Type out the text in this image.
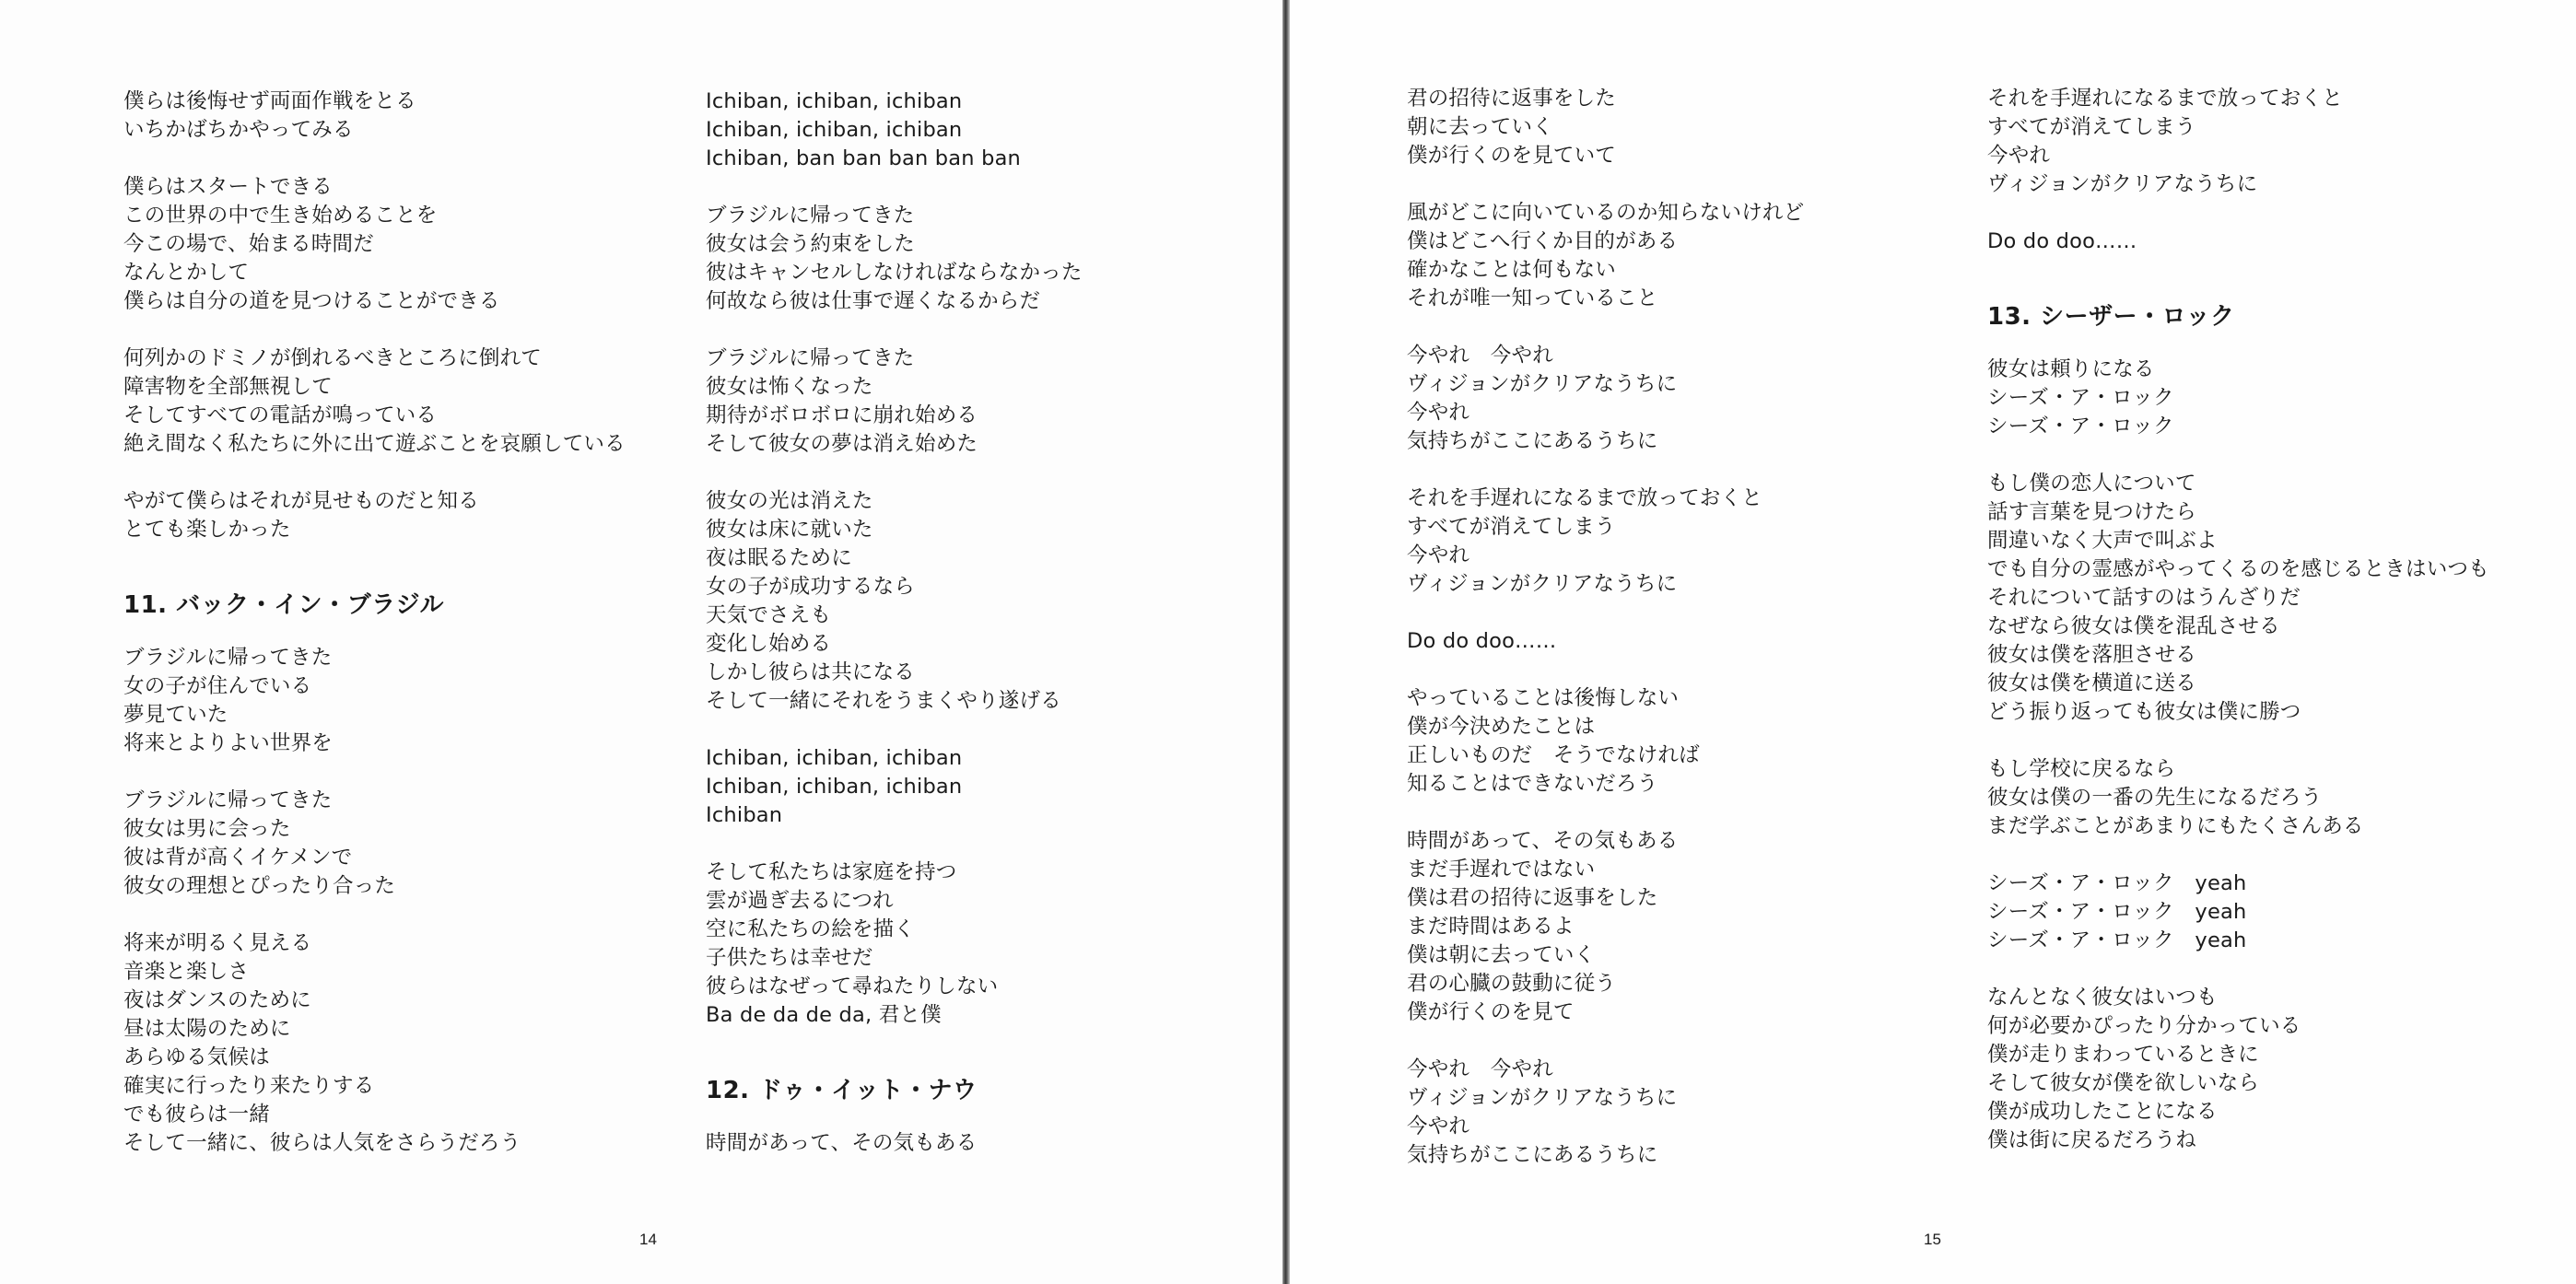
僕らは後悔せず両面作戦をとる
いちかばちかやってみる
僕らはスタートできる
この世界の中で生き始めることを
今この場で、始まる時間だ
なんとかして
僕らは自分の道を見つけることができる
何列かのドミノが倒れるべきところに倒れて
障害物を全部無視して
そしてすべての電話が鳴っている
絶え間なく私たちに外に出て遊ぶことを哀願している
やがて僕らはそれが見せものだと知る
とても楽しかった
11. バック・イン・ブラジル
ブラジルに帰ってきた
女の子が住んでいる
夢見ていた
将来とよりよい世界を
ブラジルに帰ってきた
彼女は男に会った
彼は背が高くイケメンで
彼女の理想とぴったり合った
将来が明るく見える
音楽と楽しさ
夜はダンスのために
昼は太陽のために
あらゆる気候は
確実に行ったり来たりする
でも彼らは一緒
そして一緒に、彼らは人気をさらうだろう
Ichiban, ichiban, ichiban
Ichiban, ichiban, ichiban
Ichiban, ban ban ban ban ban
ブラジルに帰ってきた
彼女は会う約束をした
彼はキャンセルしなければならなかった
何故なら彼は仕事で遅くなるからだ
ブラジルに帰ってきた
彼女は怖くなった
期待がボロボロに崩れ始める
そして彼女の夢は消え始めた
彼女の光は消えた
彼女は床に就いた
夜は眠るために
女の子が成功するなら
天気でさえも
変化し始める
しかし彼らは共になる
そして一緒にそれをうまくやり遂げる
Ichiban, ichiban, ichiban
Ichiban, ichiban, ichiban
Ichiban
そして私たちは家庭を持つ
雲が過ぎ去るにつれ
空に私たちの絵を描く
子供たちは幸せだ
彼らはなぜって尋ねたりしない
Ba de da de da, 君と僕
12. ドゥ・イット・ナウ
時間があって、その気もある
14
君の招待に返事をした
朝に去っていく
僕が行くのを見ていて
風がどこに向いているのか知らないけれど
僕はどこへ行くか目的がある
確かなことは何もない
それが唯一知っていること
今やれ　今やれ
ヴィジョンがクリアなうちに
今やれ
気持ちがここにあるうちに
それを手遅れになるまで放っておくと
すべてが消えてしまう
今やれ
ヴィジョンがクリアなうちに
Do do doo……
やっていることは後悔しない
僕が今決めたことは
正しいものだ　そうでなければ
知ることはできないだろう
時間があって、その気もある
まだ手遅れではない
僕は君の招待に返事をした
まだ時間はあるよ
僕は朝に去っていく
君の心臓の鼓動に従う
僕が行くのを見て
今やれ　今やれ
ヴィジョンがクリアなうちに
今やれ
気持ちがここにあるうちに
それを手遅れになるまで放っておくと
すべてが消えてしまう
今やれ
ヴィジョンがクリアなうちに
Do do doo……
13. シーザー・ロック
彼女は頼りになる
シーズ・ア・ロック
シーズ・ア・ロック
もし僕の恋人について
話す言葉を見つけたら
間違いなく大声で叫ぶよ
でも自分の霊感がやってくるのを感じるときはいつも
それについて話すのはうんざりだ
なぜなら彼女は僕を混乱させる
彼女は僕を落胆させる
彼女は僕を横道に送る
どう振り返っても彼女は僕に勝つ
もし学校に戻るなら
彼女は僕の一番の先生になるだろう
まだ学ぶことがあまりにもたくさんある
シーズ・ア・ロック　yeah
シーズ・ア・ロック　yeah
シーズ・ア・ロック　yeah
なんとなく彼女はいつも
何が必要かぴったり分かっている
僕が走りまわっているときに
そして彼女が僕を欲しいなら
僕が成功したことになる
僕は街に戻るだろうね
15
